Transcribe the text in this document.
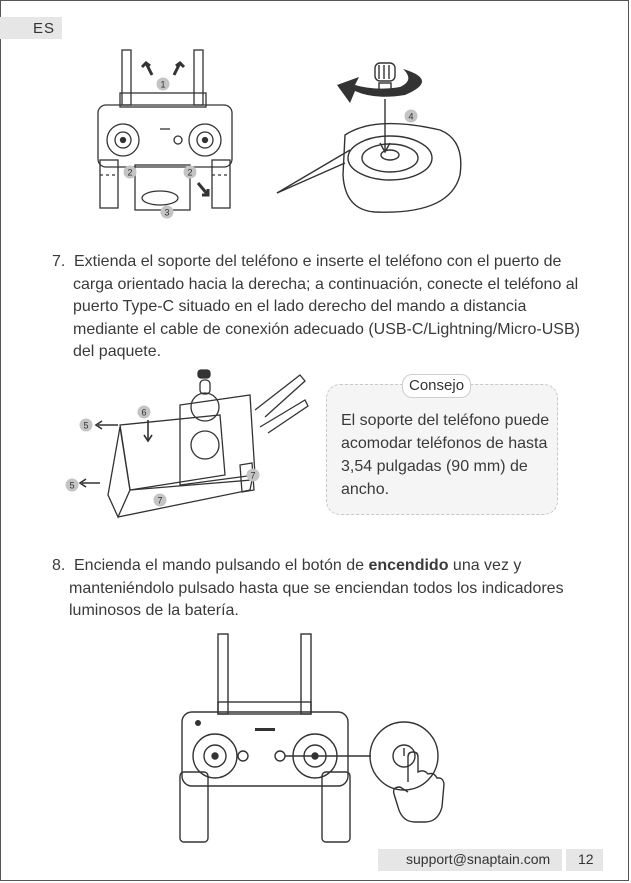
ES
1
2	2
3
4

7. Extienda el soporte del teléfono e inserte el teléfono con el puerto de

carga orientado hacia la derecha; a continuación, conecte el teléfono al
puerto Type-C situado en el lado derecho del mando a distancia
mediante el cable de conexión adecuado (USB-C/Lightning/Micro-USB)
del paquete.
5
5
6
7
7
Consejo
El soporte del teléfono puede
acomodar teléfonos de hasta
3,54 pulgadas (90 mm) de
ancho.

8. Encienda el mando pulsando el botón de encendido una vez y

manteniéndolo pulsado hasta que se enciendan todos los indicadores
luminosos de la batería.
support@snaptain.com 12
